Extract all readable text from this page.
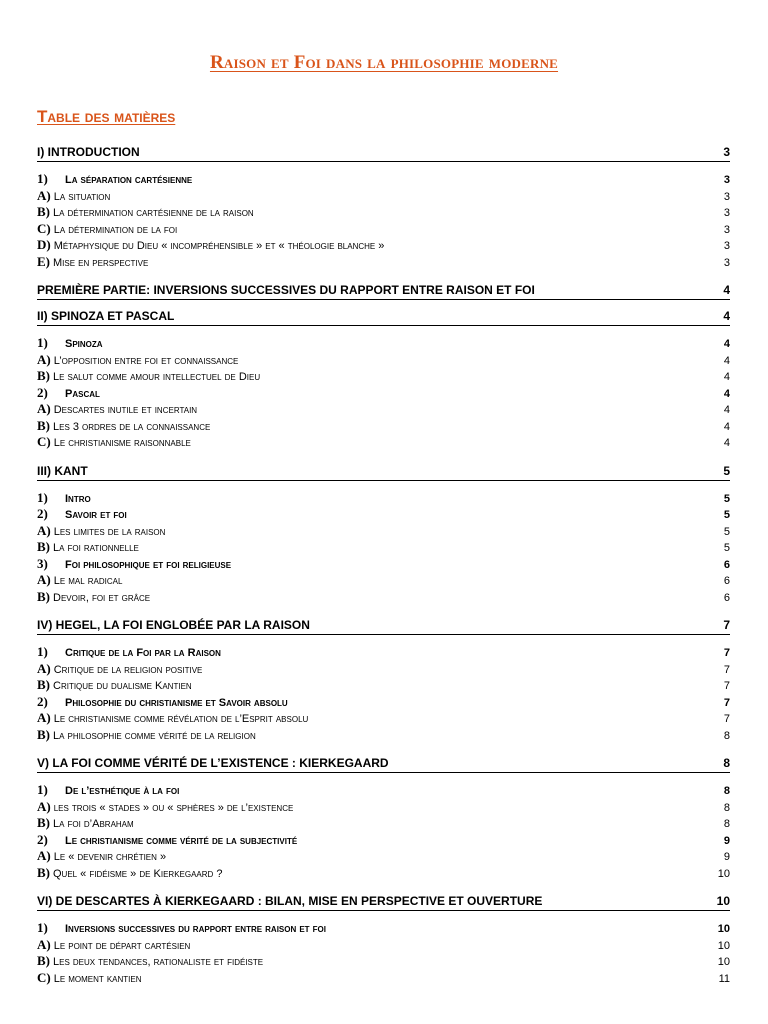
Raison et Foi dans la philosophie moderne
Table des matières
I) INTRODUCTION	3
1) La séparation cartésienne	3
A) La situation	3
B) La détermination cartésienne de la raison	3
C) La détermination de la foi	3
D) Métaphysique du Dieu « incompréhensible » et « théologie blanche »	3
E) Mise en perspective	3
PREMIÈRE PARTIE: INVERSIONS SUCCESSIVES DU RAPPORT ENTRE RAISON ET FOI	4
II) SPINOZA ET PASCAL	4
1) Spinoza	4
A) L’opposition entre foi et connaissance	4
B) Le salut comme amour intellectuel de Dieu	4
2) Pascal	4
A) Descartes inutile et incertain	4
B) Les 3 ordres de la connaissance	4
C) Le christianisme raisonnable	4
III) KANT	5
1) Intro	5
2) Savoir et foi	5
A) Les limites de la raison	5
B) La foi rationnelle	5
3) Foi philosophique et foi religieuse	6
A) Le mal radical	6
B) Devoir, foi et grâce	6
IV) HEGEL, LA FOI ENGLOBÉE PAR LA RAISON	7
1) Critique de la Foi par la Raison	7
A) Critique de la religion positive	7
B) Critique du dualisme Kantien	7
2) Philosophie du christianisme et Savoir absolu	7
A) Le christianisme comme révélation de l’Esprit absolu	7
B) La philosophie comme vérité de la religion	8
V) LA FOI COMME VÉRITÉ DE L’EXISTENCE : KIERKEGAARD	8
1) De l’esthétique à la foi	8
A) les trois « stades » ou « sphères » de l’existence	8
B) La foi d’Abraham	8
2) Le christianisme comme vérité de la subjectivité	9
A) Le « devenir chrétien »	9
B) Quel « fidéisme » de Kierkegaard ?	10
VI) DE DESCARTES À KIERKEGAARD : BILAN, MISE EN PERSPECTIVE ET OUVERTURE	10
1) Inversions successives du rapport entre raison et foi	10
A) Le point de départ cartésien	10
B) Les deux tendances, rationaliste et fidéiste	10
C) Le moment kantien	11
